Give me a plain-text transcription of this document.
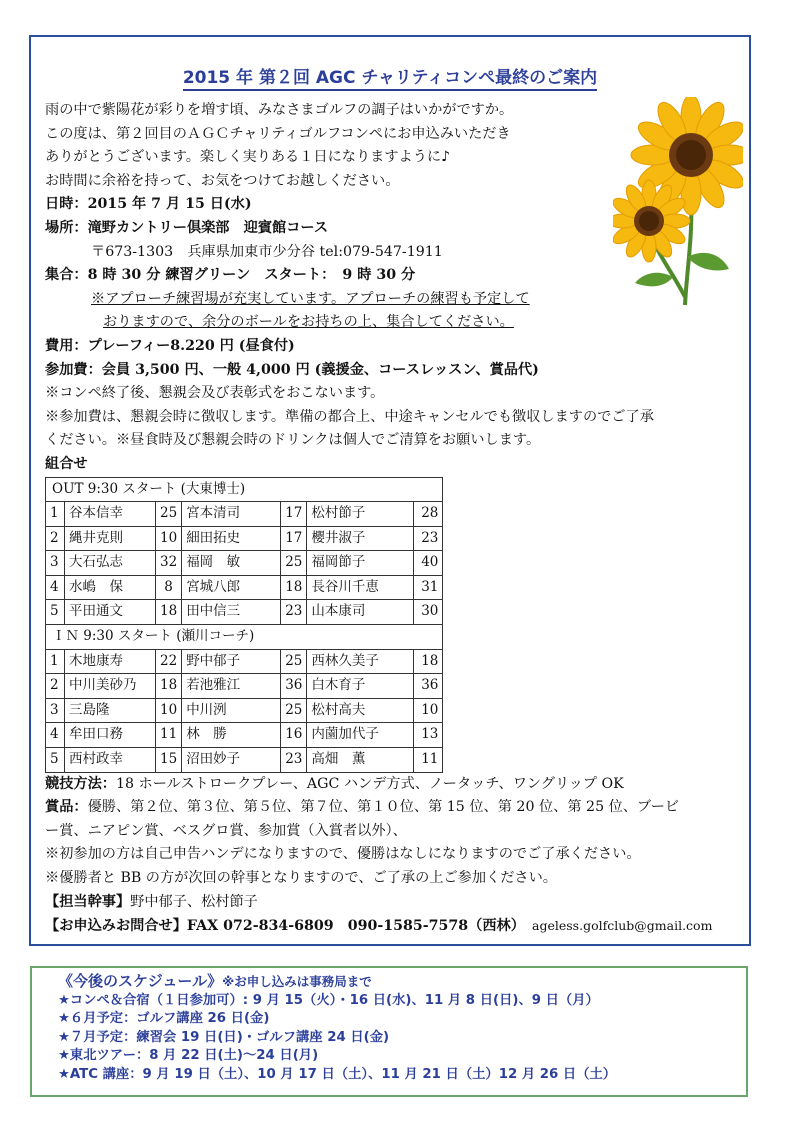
2015 年 第２回 AGC チャリティコンペ最終のご案内
雨の中で紫陽花が彩りを増す頃、みなさまゴルフの調子はいかがですか。
この度は、第２回目のＡＧＣチャリティゴルフコンペにお申込みいただき
ありがとうございます。楽しく実りある１日になりますように♪
お時間に余裕を持って、お気をつけてお越しください。
日時：2015 年 7 月 15 日(水)
場所：滝野カントリー倶楽部　迎賓館コース
〒673-1303　兵庫県加東市少分谷 tel:079-547-1911
集合：8 時 30 分 練習グリーン　スタート：　9 時 30 分
※アプローチ練習場が充実しています。アプローチの練習も予定して
おりますので、余分のボールをお持ちの上、集合してください。
費用：プレーフィー8.220 円 (昼食付)
参加費：会員 3,500 円、一般 4,000 円 (義援金、コースレッスン、賞品代)
※コンペ終了後、懇親会及び表彰式をおこないます。
※参加費は、懇親会時に徴収します。準備の都合上、中途キャンセルでも徴収しますのでご了承
ください。※昼食時及び懇親会時のドリンクは個人でご清算をお願いします。
組合せ
OUT 9:30 スタート (大東博士)						
1	谷本信幸	25	宮本清司	17	松村節子	28
2	縄井克則	10	細田拓史	17	櫻井淑子	23
3	大石弘志	32	福岡　敏	25	福岡節子	40
4	水嶋　保	8	宮城八郎	18	長谷川千恵	31
5	平田通文	18	田中信三	23	山本康司	30
ＩＮ 9:30 スタート (瀬川コーチ)						
1	木地康寿	22	野中郁子	25	西林久美子	18
2	中川美砂乃	18	若池雅江	36	白木育子	36
3	三島隆	10	中川洌	25	松村高夫	10
4	牟田口務	11	林　勝	16	内薗加代子	13
5	西村政幸	15	沼田妙子	23	高畑　薫	11
競技方法：18 ホールストロークプレー、AGC ハンデ方式、ノータッチ、ワングリップ OK
賞品：優勝、第２位、第３位、第５位、第７位、第１０位、第 15 位、第 20 位、第 25 位、ブービ
ー賞、ニアピン賞、ベスグロ賞、参加賞（入賞者以外）、
※初参加の方は自己申告ハンデになりますので、優勝はなしになりますのでご了承ください。
※優勝者と BB の方が次回の幹事となりますので、ご了承の上ご参加ください。
【担当幹事】野中郁子、松村節子
【お申込みお問合せ】FAX 072-834-6809　 090-1585-7578（西林）　 ageless.golfclub@gmail.com
《今後のスケジュール》※お申し込みは事務局まで
★コンペ＆合宿（１日参加可）: 9 月 15（火）・16 日(水)、11 月 8 日(日)、9 日（月）
★６月予定：ゴルフ講座 26 日(金)
★７月予定：練習会 19 日(日)・ゴルフ講座 24 日(金)
★東北ツアー：8 月 22 日(土)〜24 日(月)
★ATC 講座：9 月 19 日（土）、10 月 17 日（土）、11 月 21 日（土）12 月 26 日（土）
